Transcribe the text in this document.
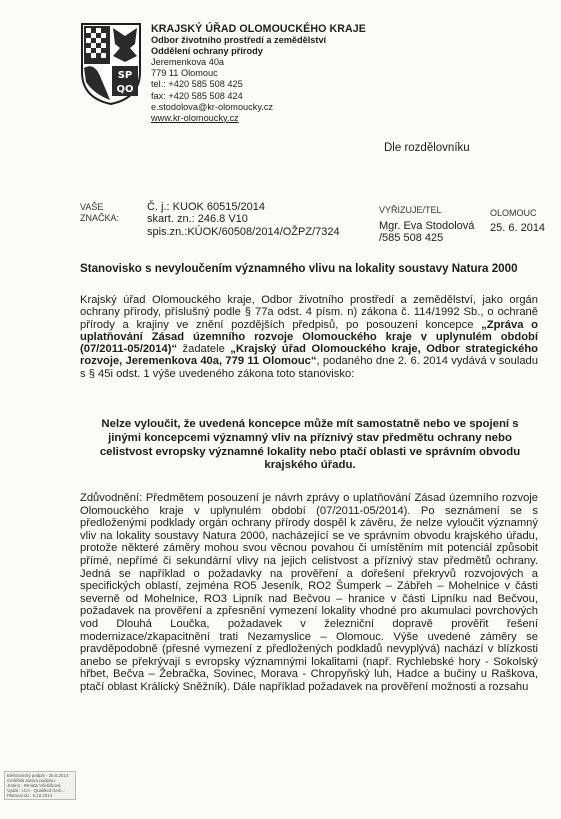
SP
QO
KRAJSKÝ ÚŘAD OLOMOUCKÉHO KRAJE
Odbor životního prostředí a zemědělství
Oddělení ochrany přírody
Jeremenkova 40a
779 11 Olomouc
tel.: +420 585 508 425
fax: +420 585 508 424
e.stodolova@kr-olomoucky.cz
www.kr-olomoucky.cz
Dle rozdělovníku
VAŠE
ZNAČKA:
Č. j.: KUOK 60515/2014
skart. zn.: 246.8 V10
spis.zn.:KÚOK/60508/2014/OŽPZ/7324
VYŘIZUJE/TEL
Mgr. Eva Stodolová
/585 508 425
OLOMOUC
25. 6. 2014
Stanovisko s nevyloučením významného vlivu na lokality soustavy Natura 2000
Krajský úřad Olomouckého kraje, Odbor životního prostředí a zemědělství, jako orgán ochrany přírody, příslušný podle § 77a odst. 4 písm. n) zákona č. 114/1992 Sb., o ochraně přírody a krajiny ve znění pozdějších předpisů, po posouzení koncepce „Zpráva o uplatňování Zásad územního rozvoje Olomouckého kraje v uplynulém období (07/2011-05/2014)“ žadatele „Krajský úřad Olomouckého kraje, Odbor strategického rozvoje, Jeremenkova 40a, 779 11 Olomouc“, podaného dne 2. 6. 2014 vydává v souladu s § 45i odst. 1 výše uvedeného zákona toto stanovisko:
Nelze vyloučit, že uvedená koncepce může mít samostatně nebo ve spojení s jinými koncepcemi významný vliv na příznivý stav předmětu ochrany nebo celistvost evropsky významné lokality nebo ptačí oblasti ve správním obvodu krajského úřadu.
Zdůvodnění: Předmětem posouzení je návrh zprávy o uplatňování Zásad územního rozvoje Olomouckého kraje v uplynulém období (07/2011-05/2014). Po seznámení se s předloženými podklady orgán ochrany přírody dospěl k závěru, že nelze vyloučit významný vliv na lokality soustavy Natura 2000, nacházející se ve správním obvodu krajského úřadu, protože některé záměry mohou svou věcnou povahou či umístěním mít potenciál způsobit přímé, nepřímé či sekundární vlivy na jejich celistvost a příznivý stav předmětů ochrany. Jedná se například o požadavky na prověření a dořešení překryvů rozvojových a specifických oblastí, zejména RO5 Jeseník, RO2 Šumperk – Zábřeh – Mohelnice v části severně od Mohelnice, RO3 Lipník nad Bečvou – hranice v části Lipníku nad Bečvou, požadavek na prověření a zpřesnění vymezení lokality vhodné pro akumulaci povrchových vod Dlouhá Loučka, požadavek v železniční dopravě prověřit řešení modernizace/zkapacitnění trati Nezamyslice – Olomouc. Výše uvedené záměry se pravděpodobně (přesné vymezení z předložených podkladů nevyplývá) nachází v blízkosti anebo se překrývají s evropsky významnými lokalitami (např. Rychlebské hory - Sokolský hřbet, Bečva – Žebračka, Sovinec, Morava - Chropyňský luh, Hadce a bučiny u Raškova, ptačí oblast Králický Sněžník). Dále například požadavek na prověření možnosti a rozsahu
Elektronický podpis - 25.6.2014
Certifikát autora podpisu:
Jméno : Renata Všetičková
Vydal : I.CA - Qualified Certi...
Platnost do : 6.10.2014
